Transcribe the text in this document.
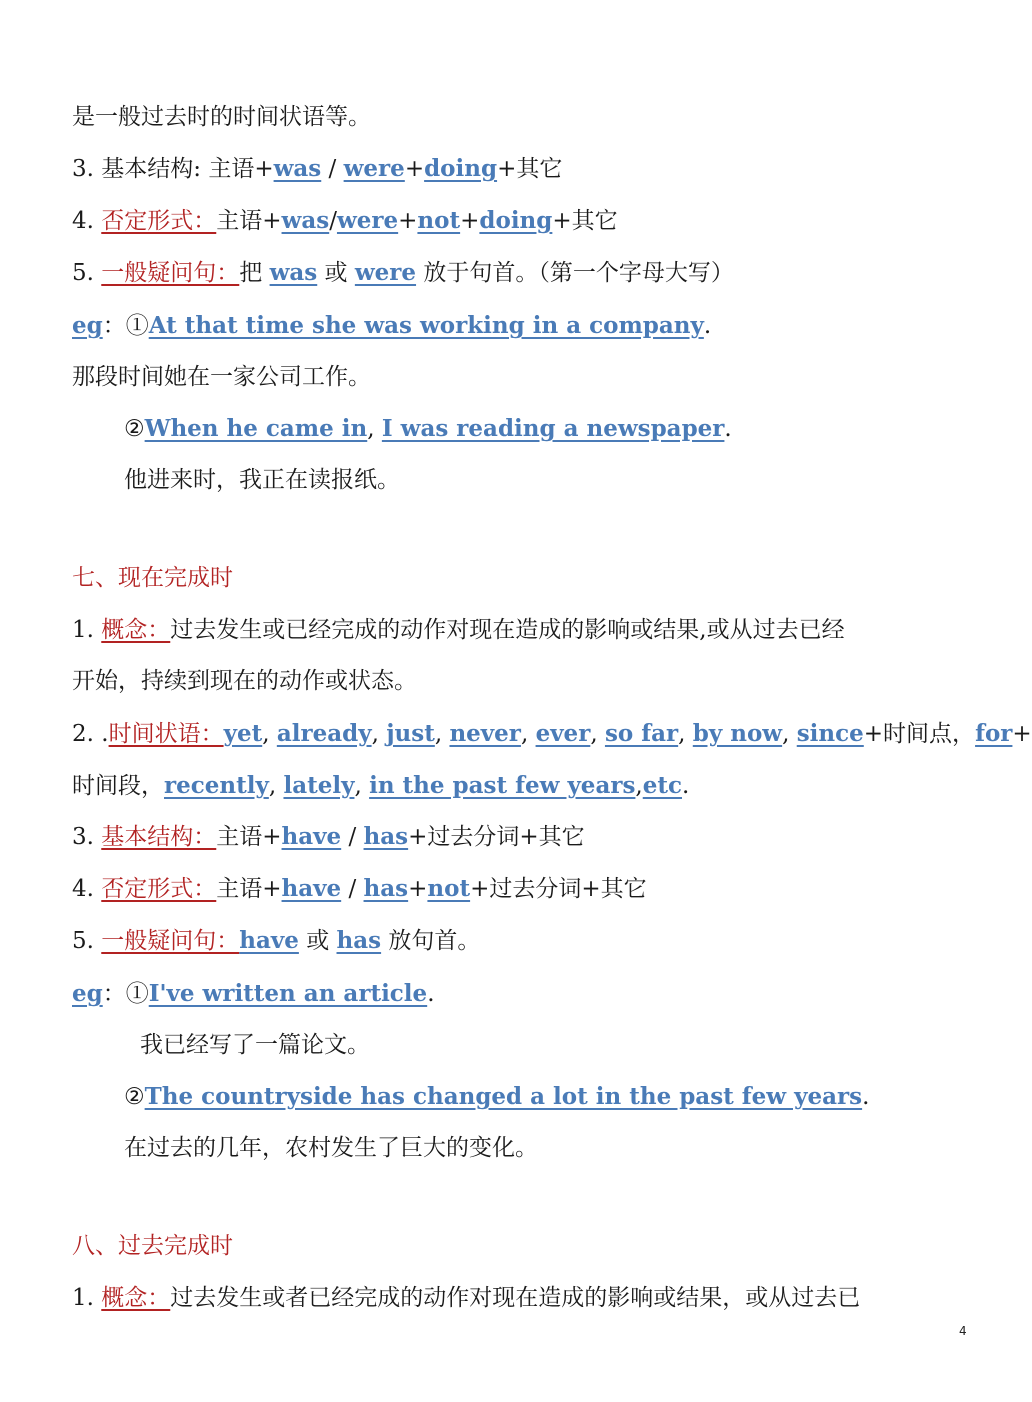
是一般过去时的时间状语等。
3. 基本结构: 主语+was / were+doing+其它
4. 否定形式：主语+was/were+not+doing+其它
5. 一般疑问句：把 was 或 were 放于句首。（第一个字母大写）
eg：①At that time she was working in a company.
那段时间她在一家公司工作。
②When he came in, I was reading a newspaper.
他进来时，我正在读报纸。
七、现在完成时
1. 概念：过去发生或已经完成的动作对现在造成的影响或结果,或从过去已经
开始，持续到现在的动作或状态。
2. .时间状语：yet, already, just, never, ever, so far, by now, since+时间点，for+
时间段，recently, lately, in the past few years,etc.
3. 基本结构：主语+have / has+过去分词+其它
4. 否定形式：主语+have / has+not+过去分词+其它
5. 一般疑问句：have 或 has 放句首。
eg：①I've written an article.
我已经写了一篇论文。
②The countryside has changed a lot in the past few years.
在过去的几年，农村发生了巨大的变化。
八、过去完成时
1. 概念：过去发生或者已经完成的动作对现在造成的影响或结果，或从过去已
4
